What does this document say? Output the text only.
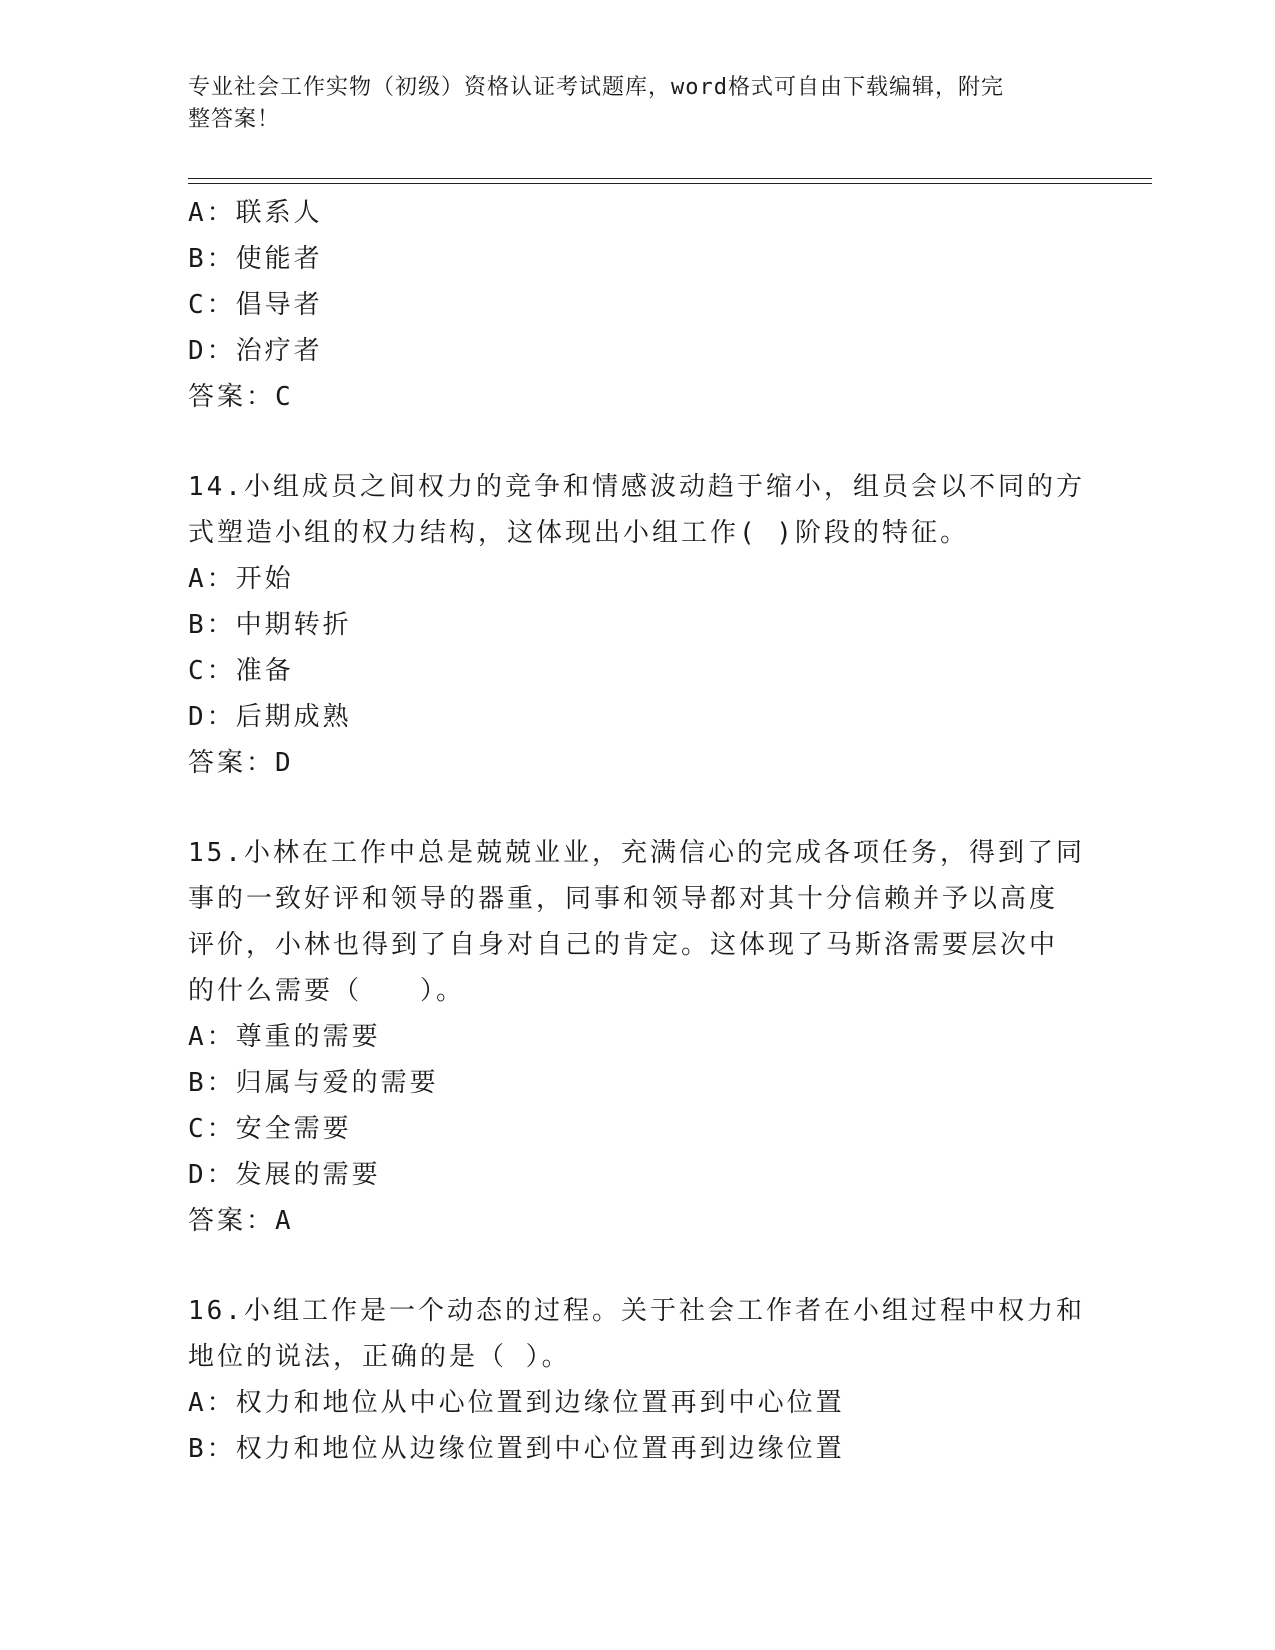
专业社会工作实物（初级）资格认证考试题库，word格式可自由下载编辑，附完
整答案！
A：联系人
B：使能者
C：倡导者
D：治疗者
答案：C
14.小组成员之间权力的竞争和情感波动趋于缩小，组员会以不同的方
式塑造小组的权力结构，这体现出小组工作( )阶段的特征。
A：开始
B：中期转折
C：准备
D：后期成熟
答案：D
15.小林在工作中总是兢兢业业，充满信心的完成各项任务，得到了同
事的一致好评和领导的器重，同事和领导都对其十分信赖并予以高度
评价，小林也得到了自身对自己的肯定。这体现了马斯洛需要层次中
的什么需要（　　）。
A：尊重的需要
B：归属与爱的需要
C：安全需要
D：发展的需要
答案：A
16.小组工作是一个动态的过程。关于社会工作者在小组过程中权力和
地位的说法，正确的是（ ）。
A：权力和地位从中心位置到边缘位置再到中心位置
B：权力和地位从边缘位置到中心位置再到边缘位置
